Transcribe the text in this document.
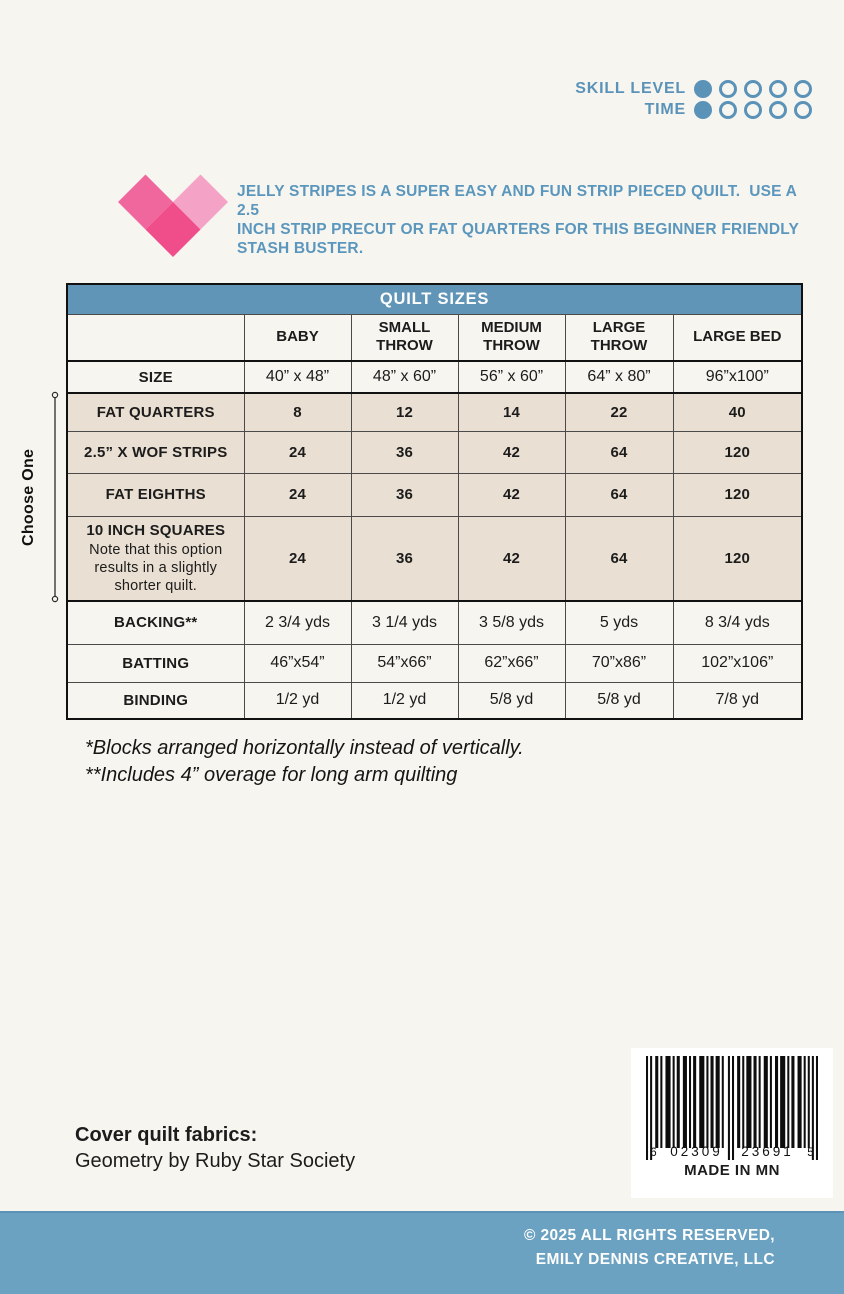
SKILL LEVEL
TIME
JELLY STRIPES IS A SUPER EASY AND FUN STRIP PIECED QUILT.  USE A 2.5
INCH STRIP PRECUT OR FAT QUARTERS FOR THIS BEGINNER FRIENDLY
STASH BUSTER.
QUILT SIZES					
	BABY	SMALL THROW	MEDIUM THROW	LARGE THROW	LARGE BED
SIZE	40” x 48”	48” x 60”	56” x 60”	64” x 80”	96”x100”
FAT QUARTERS	8	12	14	22	40
2.5” X WOF STRIPS	24	36	42	64	120
FAT EIGHTHS	24	36	42	64	120

10 INCH SQUARES
Note that this option results in a slightly shorter quilt.	24	36	42	64	120
BACKING**	2 3/4 yds	3 1/4 yds	3 5/8 yds	5 yds	8 3/4 yds
BATTING	46”x54”	54”x66”	62”x66”	70”x86”	102”x106”
BINDING	1/2 yd	1/2 yd	5/8 yd	5/8 yd	7/8 yd
Choose One
*Blocks arranged horizontally instead of vertically.
**Includes 4” overage for long arm quilting
Cover quilt fabrics:
Geometry by Ruby Star Society	6	02309	23691	5
MADE IN MN
© 2025 ALL RIGHTS RESERVED,
EMILY DENNIS CREATIVE, LLC
